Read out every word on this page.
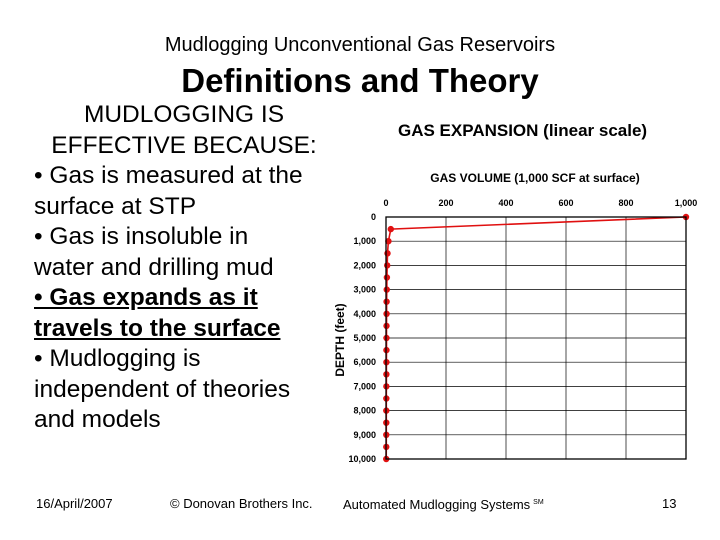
Mudlogging Unconventional Gas Reservoirs
Definitions and Theory
MUDLOGGING IS
EFFECTIVE BECAUSE:
• Gas is measured at the
surface at STP
• Gas is insoluble in
water and drilling mud
• Gas expands as it
travels to the surface
• Mudlogging is
independent of theories
and models
GAS EXPANSION (linear scale)
GAS VOLUME (1,000 SCF at surface)
DEPTH (feet)
0	200	400	600	800	1,000
0
1,000
2,000
3,000
4,000
5,000
6,000
7,000
8,000
9,000
10,000
16/April/2007	© Donovan Brothers Inc. Automated Mudlogging Systems ℠	13
